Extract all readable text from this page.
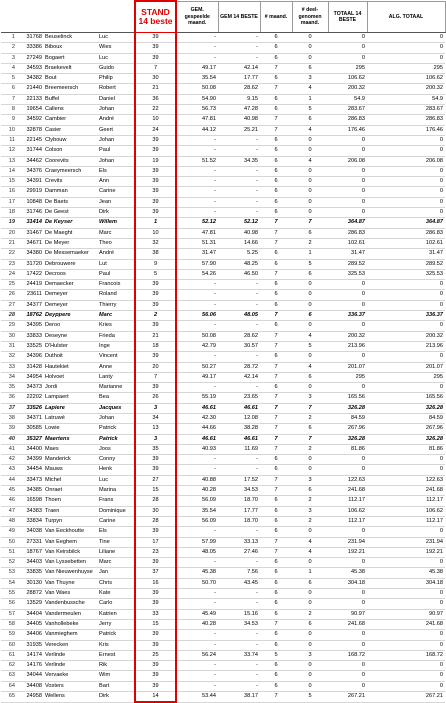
				STAND
14 beste	GEM. gespeelde maand.	GEM 14 BESTE	# maand.	# deel-genomen maand.	TOTAAL 14 BESTE	ALG. TOTAAL
1	31768	Beuselinck	Luc	39	-	-	6	0	0	0
2	33386	Biboux	Wies	39	-	-	6	0	0	0
3	27249	Bogaert	Luc	39	-	-	6	0	0	0
4	34593	Braekevelt	Guido	7	49.17	42.14	7	6	295	295
5	34382	Bout	Philip	30	35.54	17.77	6	3	106.62	106.62
6	21440	Breemeersch	Robert	21	50.08	28.62	7	4	200.32	200.32
7	22133	Buffel	Daniel	36	54.90	9.15	6	1	54.9	54.9
8	19654	Callens	Johan	22	56.73	47.28	6	5	283.67	283.67
9	34592	Cambier	André	10	47.81	40.98	7	6	286.83	286.83
10	32878	Casier	Geert	24	44.12	25.21	7	4	176.46	176.46
11	22145	Clybouw	Johan	39	-	-	6	0	0	0
12	31744	Colson	Paul	39	-	-	6	0	0	0
13	34462	Coorevits	Johan	19	51.52	34.35	6	4	206.08	206.08
14	34376	Craeymeersch	Els	39	-	-	6	0	0	0
15	34391	Crevits	Ann	39	-	-	6	0	0	0
16	29919	Damman	Carine	39	-	-	6	0	0	0
17	10848	De Baets	Jean	39	-	-	6	0	0	0
18	31746	De Geest	Dirk	39	-	-	6	0	0	0
19	31414	De Keyser	Willem	1	52.12	52.12	7	7	364.87	364.87
20	31467	De Maeght	Marc	10	47.81	40.98	7	6	286.83	286.83
21	34671	De Meyer	Theo	32	51.31	14.66	7	2	102.61	102.61
22	34380	De Messemaeker	André	38	31.47	5.25	6	1	31.47	31.47
23	31720	Debrouwere	Lut	9	57.90	48.25	6	5	289.52	289.52
24	17422	Decroos	Paul	5	54.26	46.50	7	6	325.53	325.53
25	24419	Demaecker	Francois	39	-	-	6	0	0	0
26	23611	Demeyer	Roland	39	-	-	6	0	0	0
27	34377	Demeyer	Thierry	39	-	-	6	0	0	0
28	18762	Deyppere	Marc	2	56.06	48.05	7	6	336.37	336.37
29	34395	Deroo	Kries	39	-	-	6	0	0	0
30	33833	Deseyne	Frieda	21	50.08	28.62	7	4	200.32	200.32
31	33525	D'Hulster	Inge	18	42.79	30.57	7	5	213.96	213.96
32	34396	Duthoit	Vincent	39	-	-	6	0	0	0
33	31428	Hautekiet	Anne	20	50.27	28.72	7	4	201.07	201.07
34	34954	Holvoet	Lanty	7	49.17	42.14	7	6	295	295
35	34373	Jordi	Marianne	39	-	-	6	0	0	0
36	22202	Lampaert	Bea	26	55.19	23.65	7	3	165.56	165.56
37	33526	Lapiere	Jacques	3	46.61	46.61	7	7	326.28	326.28
38	34371	Latruwé	Johan	34	42.30	12.08	7	2	84.59	84.59
39	30585	Lowie	Patrick	13	44.66	38.28	7	6	267.96	267.96
40	35327	Maertens	Patrick	3	46.61	46.61	7	7	326.28	326.28
41	34400	Maes	Joos	35	40.93	11.69	7	2	81.86	81.86
42	34399	Manderick	Conny	39	-	-	6	0	0	0
43	34454	Mauws	Henk	39	-	-	6	0	0	0
44	33473	Michel	Luc	27	40.88	17.52	7	3	122.63	122.63
45	34385	Onraet	Marina	15	40.28	34.53	7	6	241.68	241.68
46	16598	Thoen	Frans	28	56.09	18.70	6	2	112.17	112.17
47	34383	Traen	Dominique	30	35.54	17.77	6	3	106.62	106.62
48	33834	Turpyn	Carine	28	56.09	18.70	6	2	112.17	112.17
49	34038	Van Eeckhoutte	Els	39	-	-	6	0	0	0
50	27331	Van Eeghem	Tine	17	57.99	33.13	7	4	231.94	231.94
51	18767	Van Keirsbilck	Liliane	23	48.05	27.46	7	4	192.21	192.21
52	34403	Van Lyssebetten	Marc	39	-	-	6	0	0	0
53	33835	Van Nieuwenhuyse	Jan	37	45.38	7.56	6	1	45.38	45.38
54	30130	Van Thuyne	Chris	16	50.70	43.45	6	6	304.18	304.18
55	28872	Van Waes	Kate	39	-	-	6	0	0	0
56	13529	Vandenbussche	Carlo	39	-	-	6	0	0	0
57	34404	Vandermeulen	Katrien	33	45.49	15.16	6	2	90.97	90.97
58	34405	Vanhollebeke	Jerry	15	40.28	34.53	7	6	241.68	241.68
59	34406	Vanmieghem	Patrick	39	-	-	6	0	0	0
60	31935	Verecken	Kris	39	-	-	6	0	0	0
61	14174	Verlinde	Ernest	25	56.24	33.74	5	3	168.72	168.72
62	14176	Verlinde	Rik	39	-	-	6	0	0	0
63	34044	Vervaeke	Wim	39	-	-	6	0	0	0
64	34408	Vosters	Bart	39	-	-	6	0	0	0
65	24958	Wellens	Dirk	14	53.44	38.17	7	5	267.21	267.21
